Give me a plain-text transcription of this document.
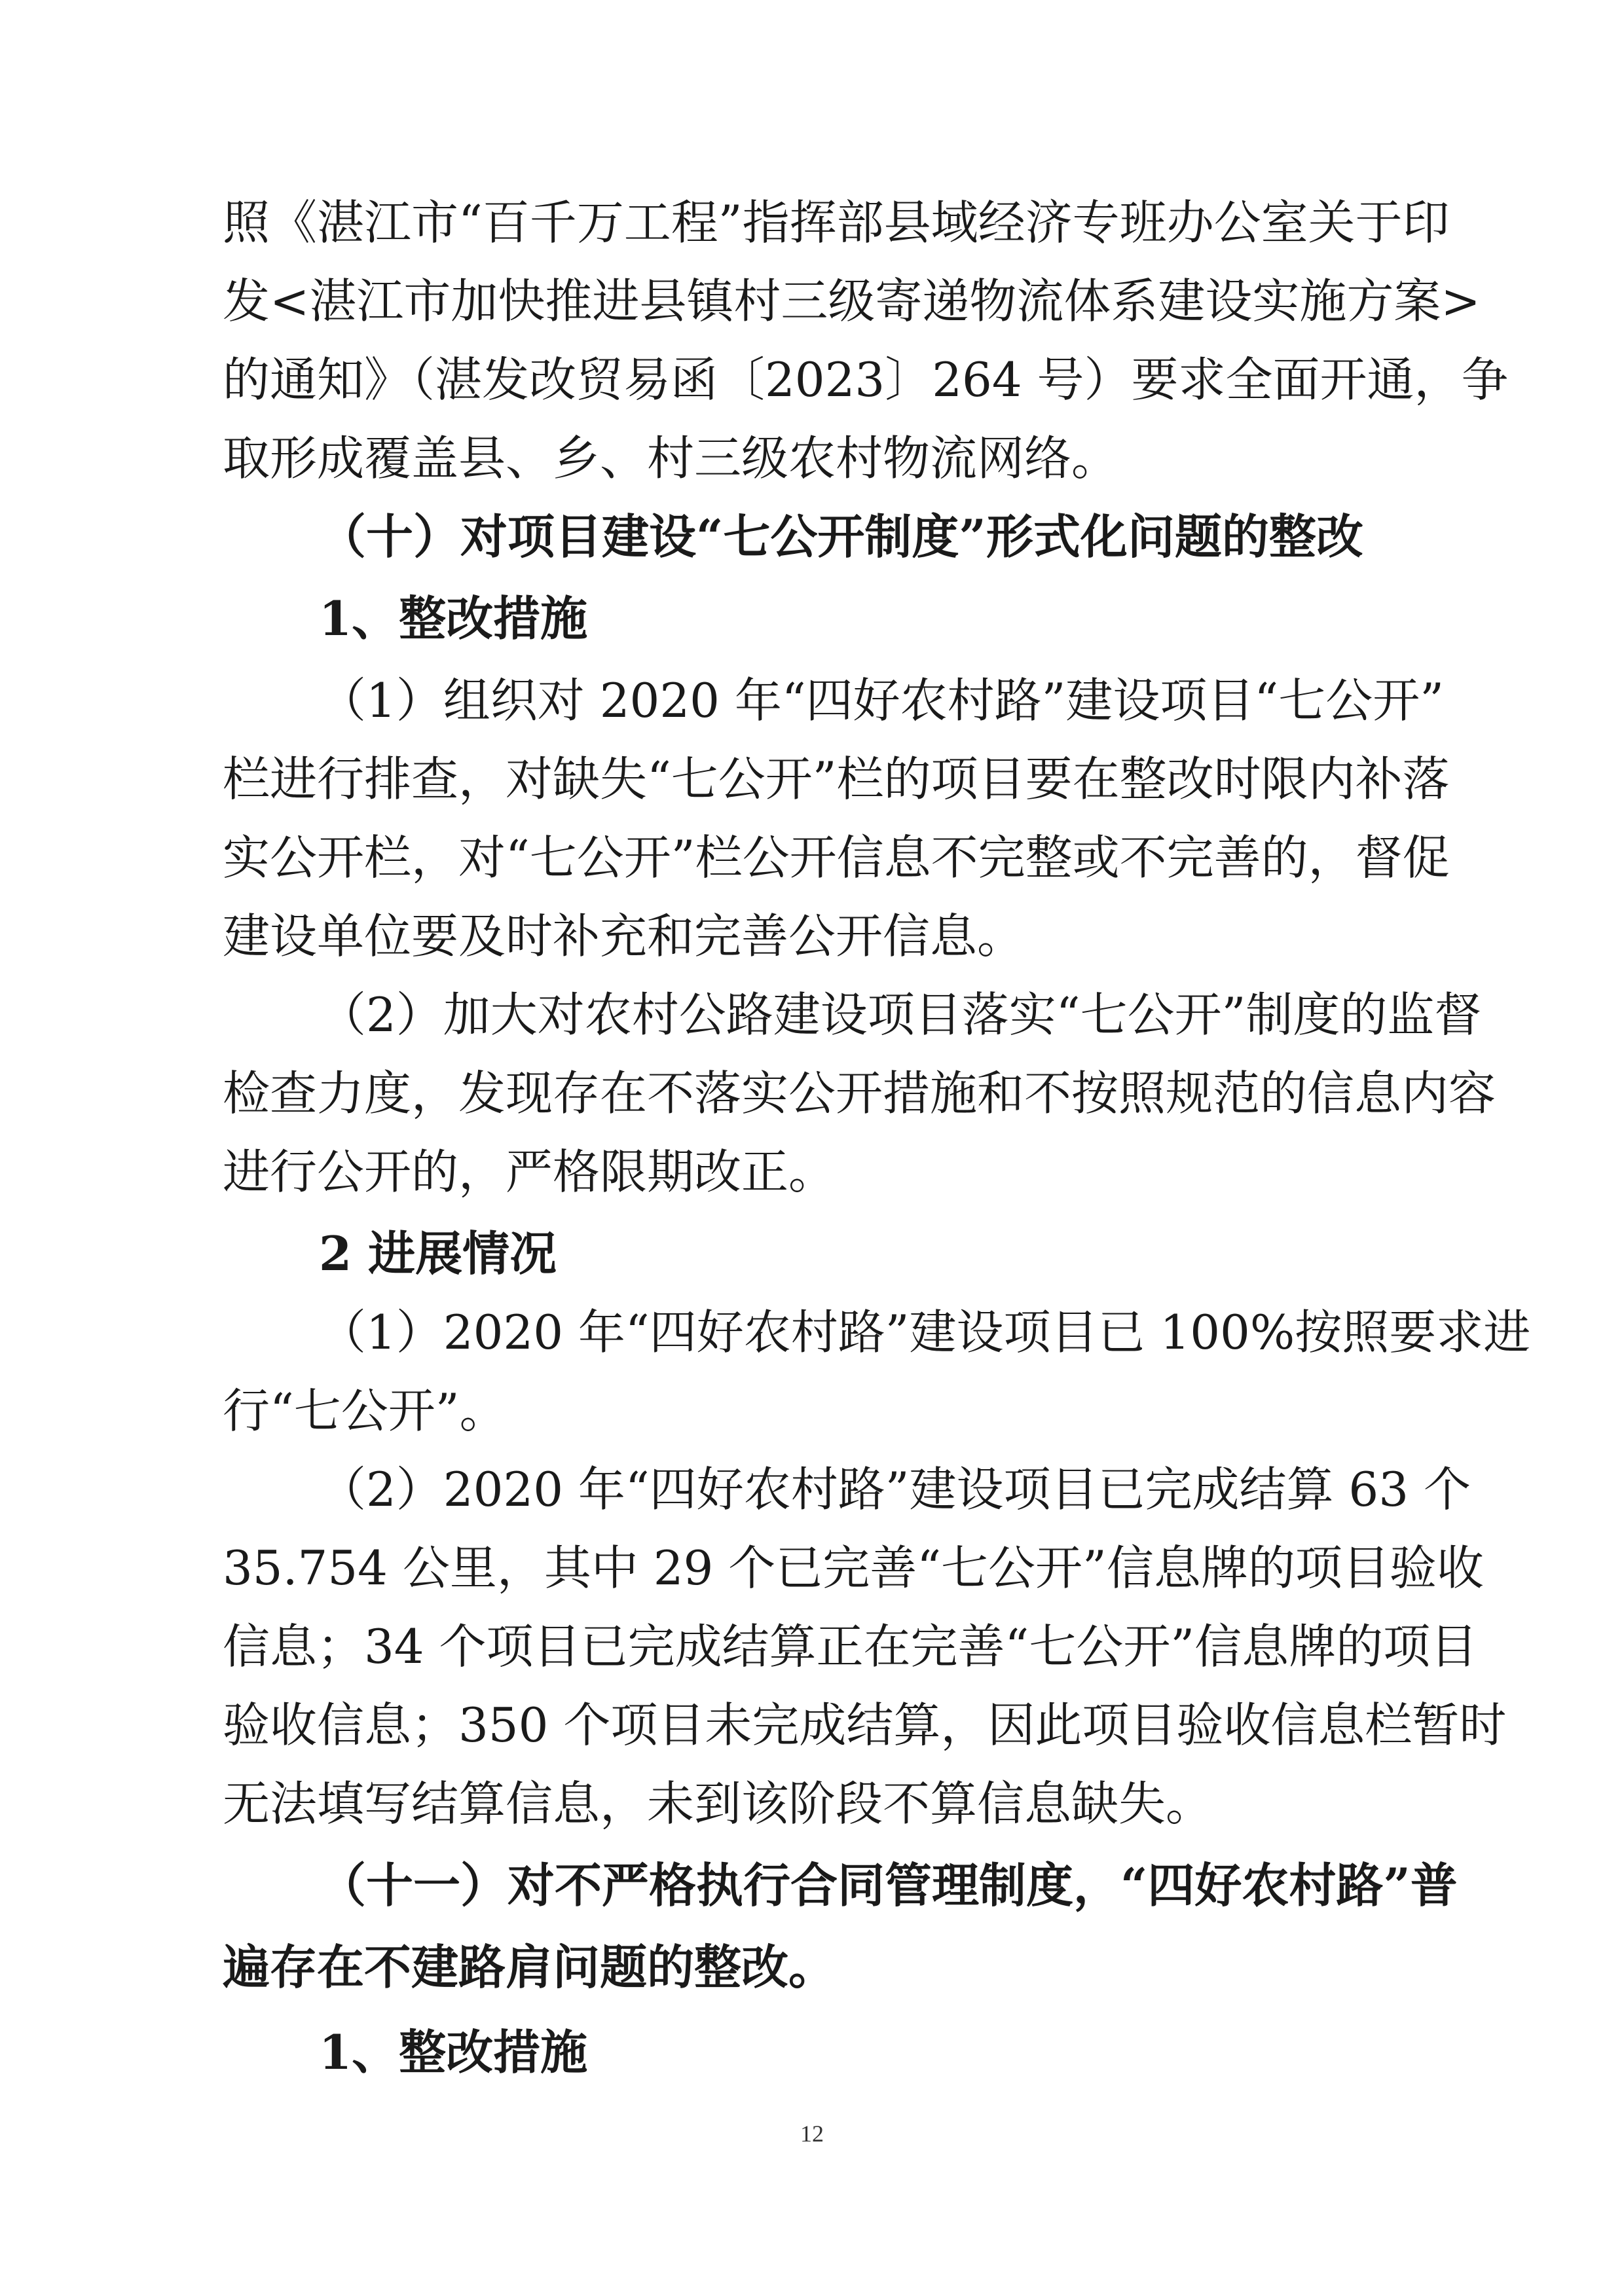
照《湛江市“百千万工程”指挥部县域经济专班办公室关于印
发<湛江市加快推进县镇村三级寄递物流体系建设实施方案>
的通知》（湛发改贸易函〔2023〕264 号）要求全面开通，争
取形成覆盖县、乡、村三级农村物流网络。
（十）对项目建设“七公开制度”形式化问题的整改
1、整改措施
（1）组织对 2020 年“四好农村路”建设项目“七公开”
栏进行排查，对缺失“七公开”栏的项目要在整改时限内补落
实公开栏，对“七公开”栏公开信息不完整或不完善的，督促
建设单位要及时补充和完善公开信息。
（2）加大对农村公路建设项目落实“七公开”制度的监督
检查力度，发现存在不落实公开措施和不按照规范的信息内容
进行公开的，严格限期改正。
2 进展情况
（1）2020 年“四好农村路”建设项目已 100%按照要求进
行“七公开”。
（2）2020 年“四好农村路”建设项目已完成结算 63 个
35.754 公里，其中 29 个已完善“七公开”信息牌的项目验收
信息；34 个项目已完成结算正在完善“七公开”信息牌的项目
验收信息；350 个项目未完成结算，因此项目验收信息栏暂时
无法填写结算信息，未到该阶段不算信息缺失。
（十一）对不严格执行合同管理制度，“四好农村路”普
遍存在不建路肩问题的整改。
1、整改措施
12
